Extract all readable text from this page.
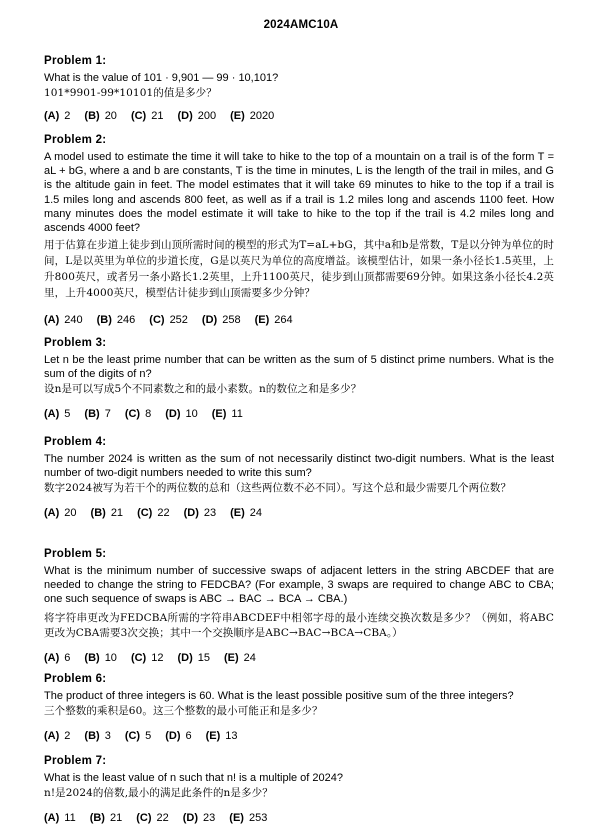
2024AMC10A
Problem 1:
What is the value of 101 · 9,901 — 99 · 10,101?
101*9901-99*10101的值是多少？
(A) 2 (B) 20 (C) 21 (D) 200 (E) 2020
Problem 2:
A model used to estimate the time it will take to hike to the top of a mountain on a trail is of the form T = aL + bG, where a and b are constants, T is the time in minutes, L is the length of the trail in miles, and G is the altitude gain in feet. The model estimates that it will take 69 minutes to hike to the top if a trail is 1.5 miles long and ascends 800 feet, as well as if a trail is 1.2 miles long and ascends 1100 feet. How many minutes does the model estimate it will take to hike to the top if the trail is 4.2 miles long and ascends 4000 feet?
用于估算在步道上徒步到山顶所需时间的模型的形式为T=aL+bG，其中a和b是常数，T是以分钟为单位的时间，L是以英里为单位的步道长度，G是以英尺为单位的高度增益。该模型估计，如果一条小径长1.5英里，上升800英尺，或者另一条小路长1.2英里，上升1100英尺，徒步到山顶都需要69分钟。如果这条小径长4.2英里，上升4000英尺，模型估计徒步到山顶需要多少分钟？
(A) 240 (B) 246 (C) 252 (D) 258 (E) 264
Problem 3:
Let n be the least prime number that can be written as the sum of 5 distinct prime numbers. What is the sum of the digits of n?
设n是可以写成5个不同素数之和的最小素数。n的数位之和是多少？
(A) 5 (B) 7 (C) 8 (D) 10 (E) 11
Problem 4:
The number 2024 is written as the sum of not necessarily distinct two-digit numbers. What is the least number of two-digit numbers needed to write this sum?
数字2024被写为若干个的两位数的总和（这些两位数不必不同）。写这个总和最少需要几个两位数？
(A) 20 (B) 21 (C) 22 (D) 23 (E) 24
Problem 5:
What is the minimum number of successive swaps of adjacent letters in the string ABCDEF that are needed to change the string to FEDCBA? (For example, 3 swaps are required to change ABC to CBA; one such sequence of swaps is ABC → BAC → BCA → CBA.)
将字符串更改为FEDCBA所需的字符串ABCDEF中相邻字母的最小连续交换次数是多少？（例如，将ABC更改为CBA需要3次交换；其中一个交换顺序是ABC→BAC→BCA→CBA。）
(A) 6 (B) 10 (C) 12 (D) 15 (E) 24
Problem 6:
The product of three integers is 60. What is the least possible positive sum of the three integers?
三个整数的乘积是60。这三个整数的最小可能正和是多少？
(A) 2 (B) 3 (C) 5 (D) 6 (E) 13
Problem 7:
What is the least value of n such that n! is a multiple of 2024?
n!是2024的倍数,最小的满足此条件的n是多少？
(A) 11 (B) 21 (C) 22 (D) 23 (E) 253
